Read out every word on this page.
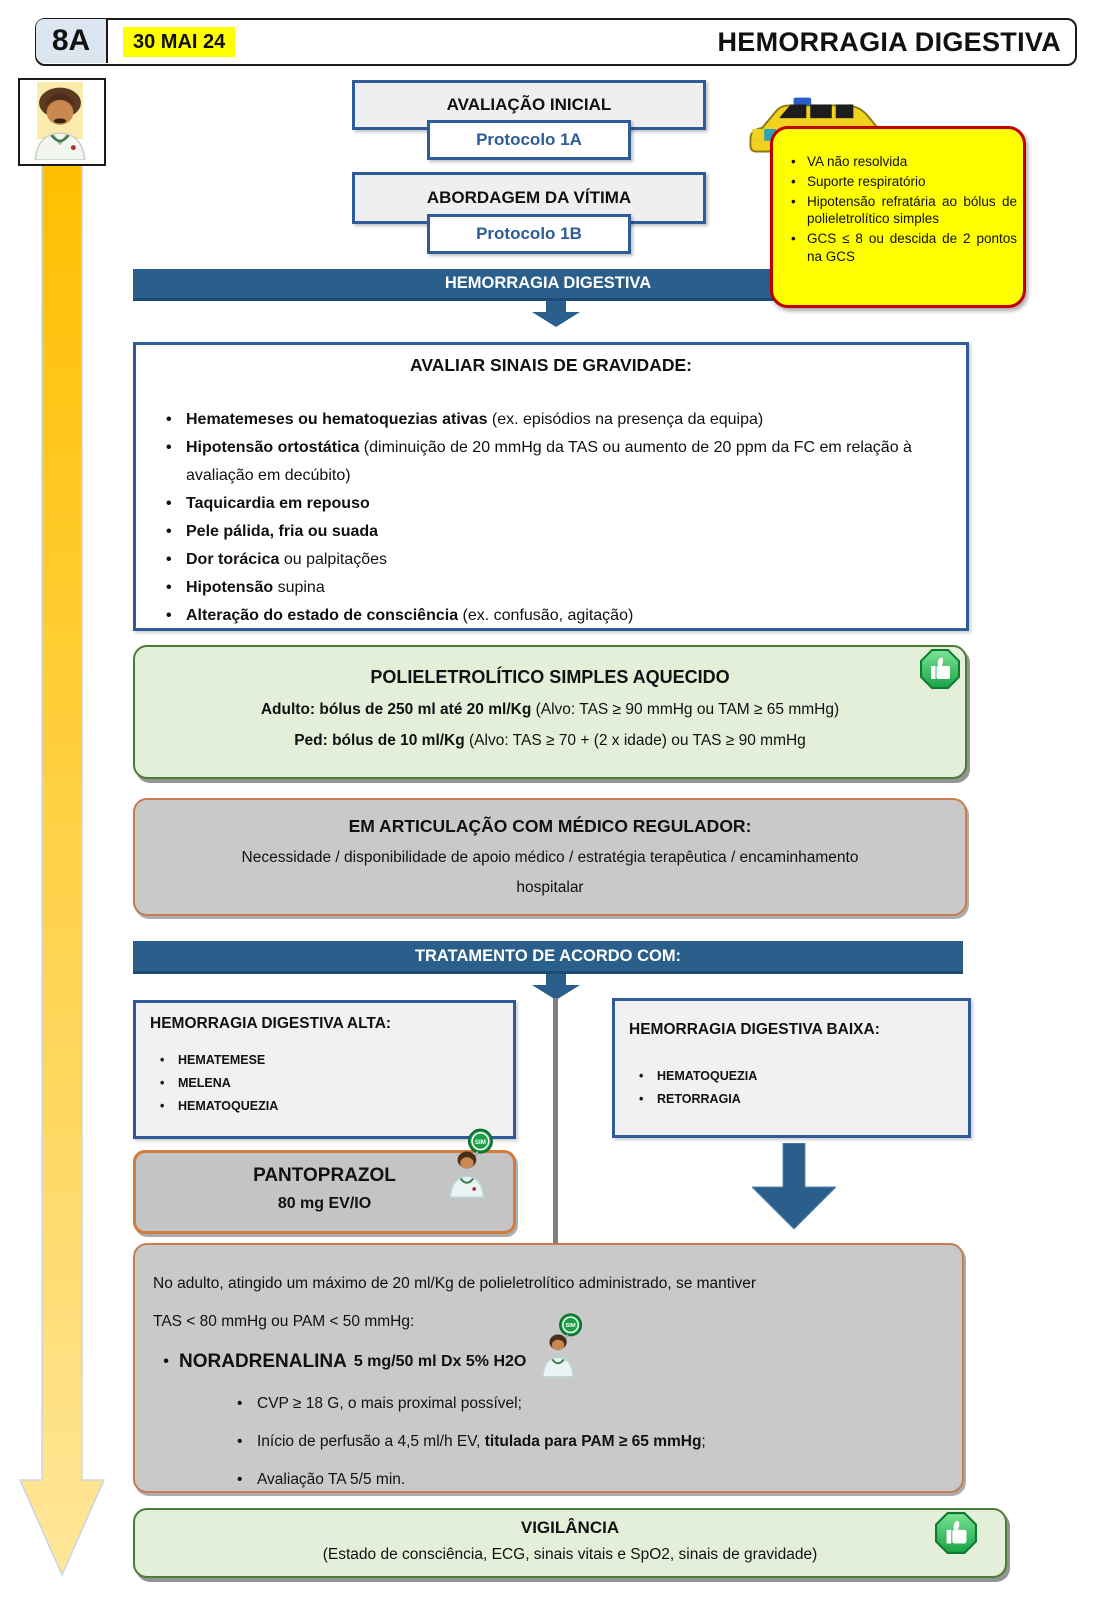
8A	30 MAI 24	HEMORRAGIA DIGESTIVA
AVALIAÇÃO INICIAL
Protocolo 1A
ABORDAGEM DA VÍTIMA
Protocolo 1B
• VA não resolvida
• Suporte respiratório
• Hipotensão refratária ao bólus de polieletrolítico simples
• GCS ≤ 8 ou descida de 2 pontos na GCS
HEMORRAGIA DIGESTIVA
AVALIAR SINAIS DE GRAVIDADE:
• Hematemeses ou hematoquezias ativas (ex. episódios na presença da equipa)
• Hipotensão ortostática (diminuição de 20 mmHg da TAS ou aumento de 20 ppm da FC em relação à avaliação em decúbito)
• Taquicardia em repouso
• Pele pálida, fria ou suada
• Dor torácica ou palpitações
• Hipotensão supina
• Alteração do estado de consciência (ex. confusão, agitação)
POLIELETROLÍTICO SIMPLES AQUECIDO
Adulto: bólus de 250 ml até 20 ml/Kg (Alvo: TAS ≥ 90 mmHg ou TAM ≥ 65 mmHg)
Ped: bólus de 10 ml/Kg (Alvo: TAS ≥ 70 + (2 x idade) ou TAS ≥ 90 mmHg
EM ARTICULAÇÃO COM MÉDICO REGULADOR:
Necessidade / disponibilidade de apoio médico / estratégia terapêutica / encaminhamento
hospitalar
TRATAMENTO DE ACORDO COM:
HEMORRAGIA DIGESTIVA ALTA:
• HEMATEMESE
• MELENA
• HEMATOQUEZIA
HEMORRAGIA DIGESTIVA BAIXA:
• HEMATOQUEZIA
• RETORRAGIA
PANTOPRAZOL
80 mg EV/IO
SIM
No adulto, atingido um máximo de 20 ml/Kg de polieletrolítico administrado, se mantiver
TAS < 80 mmHg ou PAM < 50 mmHg:
• NORADRENALINA 5 mg/50 ml Dx 5% H2O
SIM
• CVP ≥ 18 G, o mais proximal possível;
• Início de perfusão a 4,5 ml/h EV, titulada para PAM ≥ 65 mmHg;
• Avaliação TA 5/5 min.
VIGILÂNCIA
(Estado de consciência, ECG, sinais vitais e SpO2, sinais de gravidade)
